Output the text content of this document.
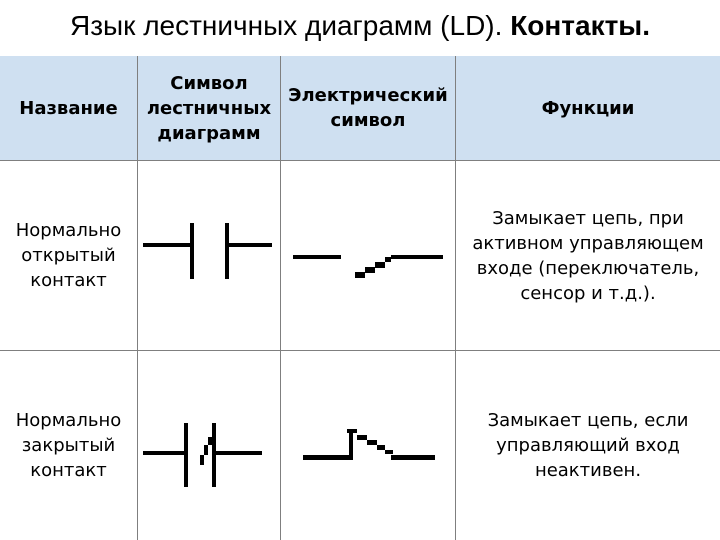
Язык лестничных диаграмм (LD). Контакты.
Название
Символ лестничных диаграмм
Электрический символ
Функции
Нормально открытый контакт
Замыкает цепь, при активном управляющем входе (переключатель, сенсор и т.д.).
Нормально закрытый контакт
Замыкает цепь, если управляющий вход неактивен.
